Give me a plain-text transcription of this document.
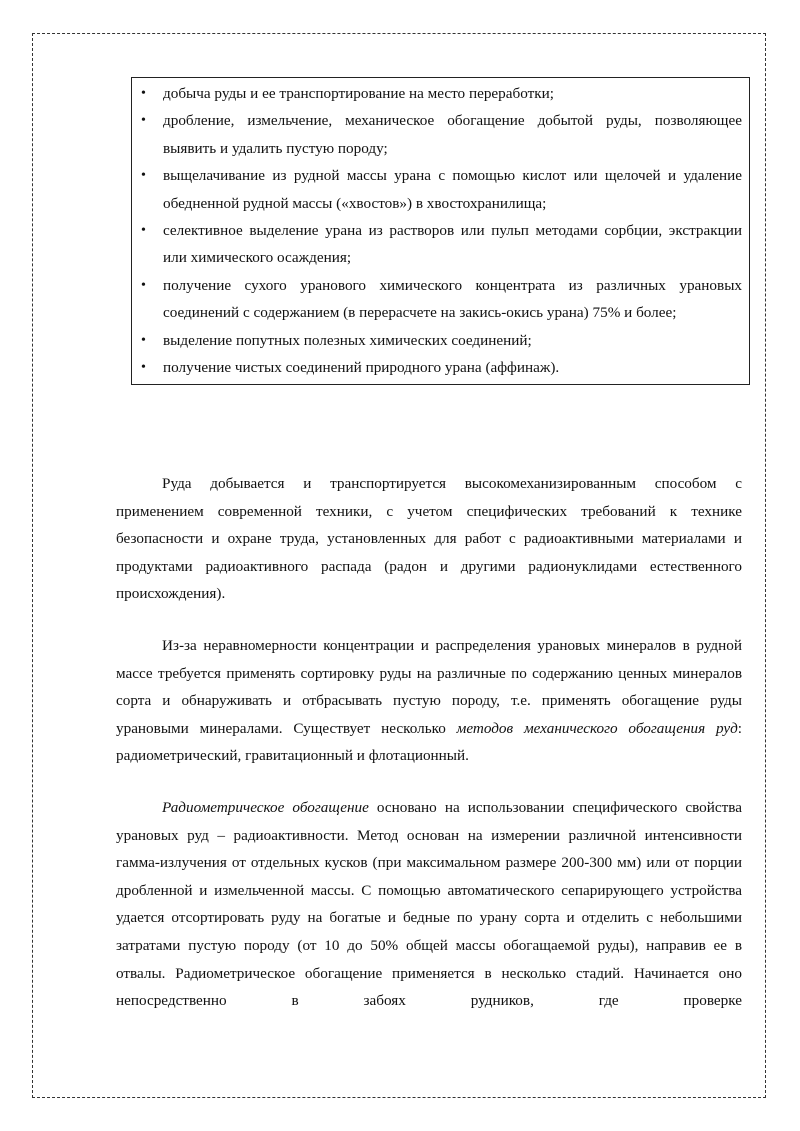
• добыча руды и ее транспортирование на место переработки;
• дробление, измельчение, механическое обогащение добытой руды, позволяющее выявить и удалить пустую породу;
• выщелачивание из рудной массы урана с помощью кислот или щелочей и удаление обедненной рудной массы («хвостов») в хвостохранилища;
• селективное выделение урана из растворов или пульп методами сорбции, экстракции или химического осаждения;
• получение сухого уранового химического концентрата из различных урановых соединений с содержанием (в перерасчете на закись-окись урана) 75% и более;
• выделение попутных полезных химических соединений;
• получение чистых соединений природного урана (аффинаж).

Руда добывается и транспортируется высокомеханизированным способом с применением современной техники, с учетом специфических требований к технике безопасности и охране труда, установленных для работ с радиоактивными материалами и продуктами радиоактивного распада (радон и другими радионуклидами естественного происхождения).

Из-за неравномерности концентрации и распределения урановых минералов в рудной массе требуется применять сортировку руды на различные по содержанию ценных минералов сорта и обнаруживать и отбрасывать пустую породу, т.е. применять обогащение руды урановыми минералами. Существует несколько методов механического обогащения руд: радиометрический, гравитационный и флотационный.

Радиометрическое обогащение основано на использовании специфического свойства урановых руд – радиоактивности. Метод основан на измерении различной интенсивности гамма-излучения от отдельных кусков (при максимальном размере 200-300 мм) или от порции дробленной и измельченной массы. С помощью автоматического сепарирующего устройства удается отсортировать руду на богатые и бедные по урану сорта и отделить с небольшими затратами пустую породу (от 10 до 50% общей массы обогащаемой руды), направив ее в отвалы. Радиометрическое обогащение применяется в несколько стадий. Начинается оно непосредственно в забоях рудников, где проверке
